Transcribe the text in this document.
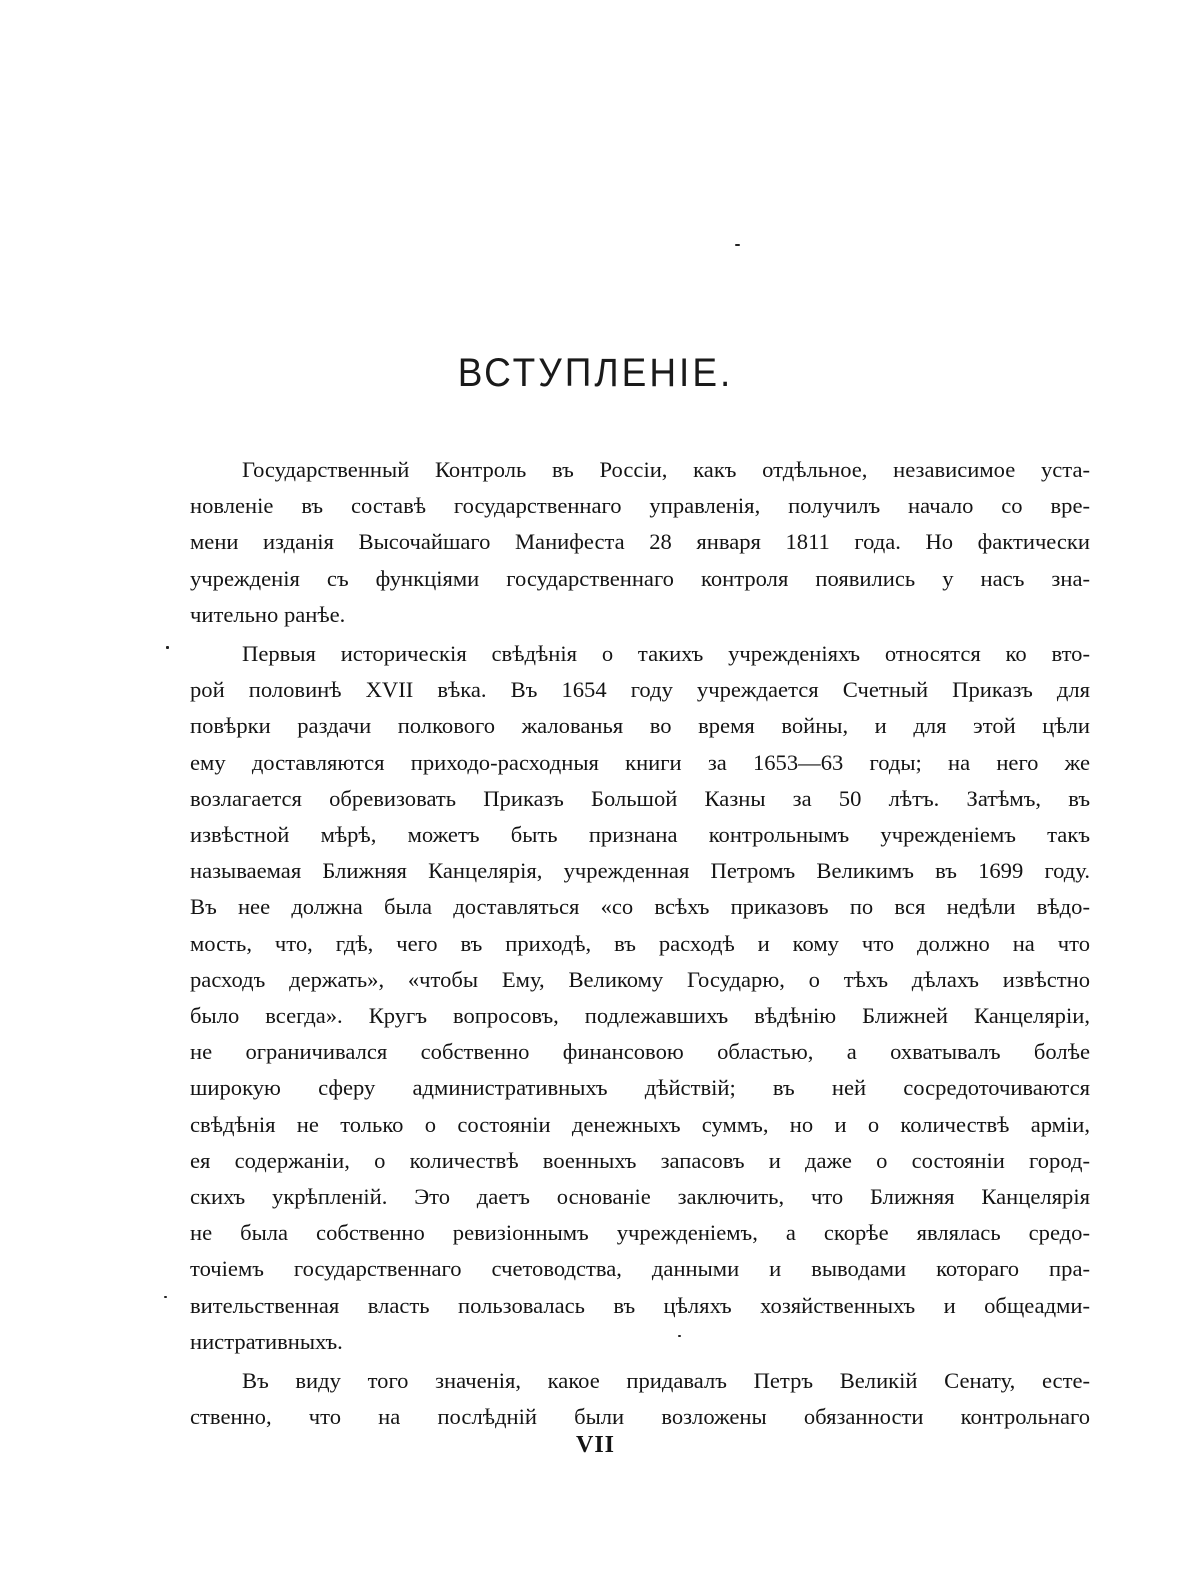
ВСТУПЛЕНІЕ.
Государственный Контроль въ Россіи, какъ отдѣльное, независимое уста-
новленіе въ составѣ государственнаго управленія, получилъ начало со вре-
мени изданія Высочайшаго Манифеста 28 января 1811 года. Но фактически
учрежденія съ функціями государственнаго контроля появились у насъ зна-
чительно ранѣе.
Первыя историческія свѣдѣнія о такихъ учрежденіяхъ относятся ко вто-
рой половинѣ XVII вѣка. Въ 1654 году учреждается Счетный Приказъ для
повѣрки раздачи полкового жалованья во время войны, и для этой цѣли
ему доставляются приходо-расходныя книги за 1653—63 годы; на него же
возлагается обревизовать Приказъ Большой Казны за 50 лѣтъ. Затѣмъ, въ
извѣстной мѣрѣ, можетъ быть признана контрольнымъ учрежденіемъ такъ
называемая Ближняя Канцелярія, учрежденная Петромъ Великимъ въ 1699 году.
Въ нее должна была доставляться «со всѣхъ приказовъ по вся недѣли вѣдо-
мость, что, гдѣ, чего въ приходѣ, въ расходѣ и кому что должно на что
расходъ держать», «чтобы Ему, Великому Государю, о тѣхъ дѣлахъ извѣстно
было всегда». Кругъ вопросовъ, подлежавшихъ вѣдѣнію Ближней Канцеляріи,
не ограничивался собственно финансовою областью, а охватывалъ болѣе
широкую сферу административныхъ дѣйствій; въ ней сосредоточиваются
свѣдѣнія не только о состояніи денежныхъ суммъ, но и о количествѣ арміи,
ея содержаніи, о количествѣ военныхъ запасовъ и даже о состояніи город-
скихъ укрѣпленій. Это даетъ основаніе заключить, что Ближняя Канцелярія
не была собственно ревизіоннымъ учрежденіемъ, а скорѣе являлась средо-
точіемъ государственнаго счетоводства, данными и выводами котораго пра-
вительственная власть пользовалась въ цѣляхъ хозяйственныхъ и общеадми-
нистративныхъ.
Въ виду того значенія, какое придавалъ Петръ Великій Сенату, есте-
ственно, что на послѣдній были возложены обязанности контрольнаго
VII
